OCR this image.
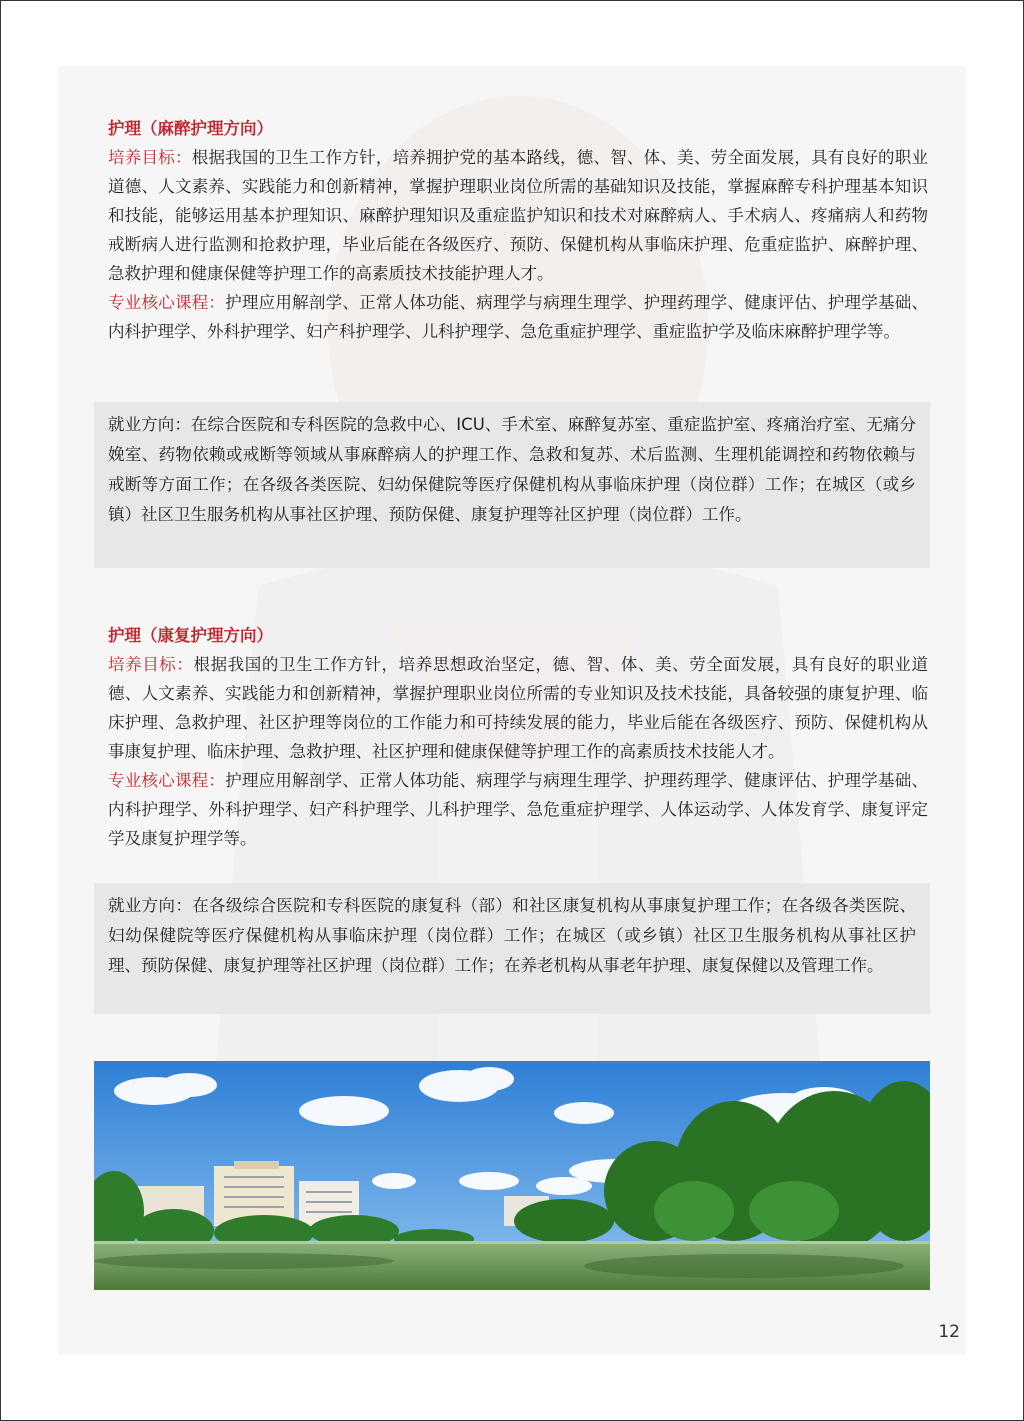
护理（麻醉护理方向）

培养目标：根据我国的卫生工作方针，培养拥护党的基本路线，德、智、体、美、劳全面发展，具有良好的职业道德、人文素养、实践能力和创新精神，掌握护理职业岗位所需的基础知识及技能，掌握麻醉专科护理基本知识和技能，能够运用基本护理知识、麻醉护理知识及重症监护知识和技术对麻醉病人、手术病人、疼痛病人和药物戒断病人进行监测和抢救护理，毕业后能在各级医疗、预防、保健机构从事临床护理、危重症监护、麻醉护理、急救护理和健康保健等护理工作的高素质技术技能护理人才。

专业核心课程：护理应用解剖学、正常人体功能、病理学与病理生理学、护理药理学、健康评估、护理学基础、内科护理学、外科护理学、妇产科护理学、儿科护理学、急危重症护理学、重症监护学及临床麻醉护理学等。

就业方向：在综合医院和专科医院的急救中心、ICU、手术室、麻醉复苏室、重症监护室、疼痛治疗室、无痛分娩室、药物依赖或戒断等领域从事麻醉病人的护理工作、急救和复苏、术后监测、生理机能调控和药物依赖与戒断等方面工作；在各级各类医院、妇幼保健院等医疗保健机构从事临床护理（岗位群）工作；在城区（或乡镇）社区卫生服务机构从事社区护理、预防保健、康复护理等社区护理（岗位群）工作。

护理（康复护理方向）

培养目标：根据我国的卫生工作方针，培养思想政治坚定，德、智、体、美、劳全面发展，具有良好的职业道德、人文素养、实践能力和创新精神，掌握护理职业岗位所需的专业知识及技术技能，具备较强的康复护理、临床护理、急救护理、社区护理等岗位的工作能力和可持续发展的能力，毕业后能在各级医疗、预防、保健机构从事康复护理、临床护理、急救护理、社区护理和健康保健等护理工作的高素质技术技能人才。

专业核心课程：护理应用解剖学、正常人体功能、病理学与病理生理学、护理药理学、健康评估、护理学基础、内科护理学、外科护理学、妇产科护理学、儿科护理学、急危重症护理学、人体运动学、人体发育学、康复评定学及康复护理学等。

就业方向：在各级综合医院和专科医院的康复科（部）和社区康复机构从事康复护理工作；在各级各类医院、妇幼保健院等医疗保健机构从事临床护理（岗位群）工作；在城区（或乡镇）社区卫生服务机构从事社区护理、预防保健、康复护理等社区护理（岗位群）工作；在养老机构从事老年护理、康复保健以及管理工作。

12
